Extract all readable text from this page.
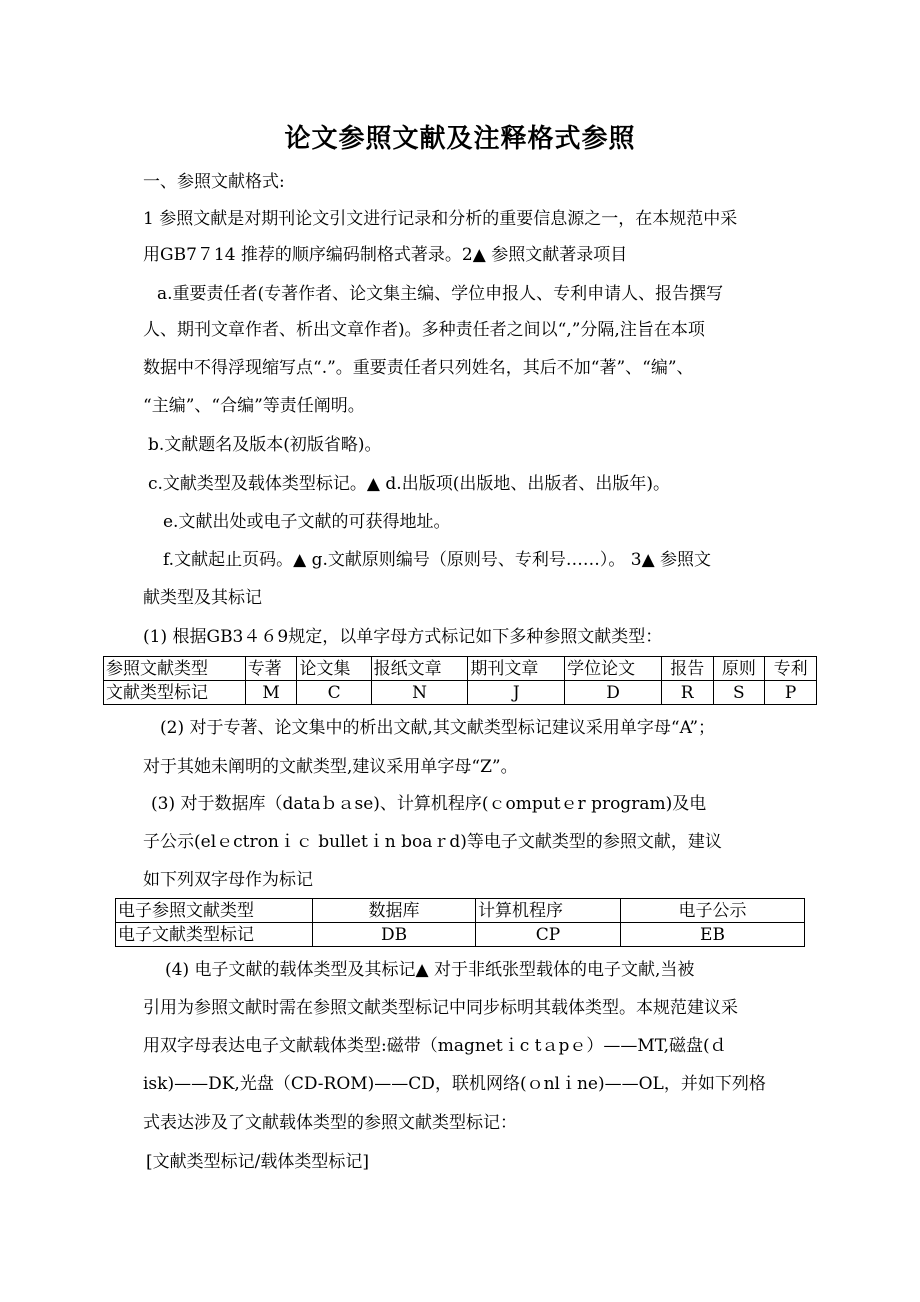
论文参照文献及注释格式参照
一、参照文献格式:
1 参照文献是对期刊论文引文进行记录和分析的重要信息源之一，在本规范中采
用GB7７14 推荐的顺序编码制格式著录。2▲ 参照文献著录项目
a.重要责任者(专著作者、论文集主编、学位申报人、专利申请人、报告撰写
人、期刊文章作者、析出文章作者)。多种责任者之间以“,”分隔,注旨在本项
数据中不得浮现缩写点“.”。重要责任者只列姓名，其后不加“著”、“编”、
“主编”、“合编”等责任阐明。
b.文献题名及版本(初版省略)。
c.文献类型及载体类型标记。▲ d.出版项(出版地、出版者、出版年)。
e.文献出处或电子文献的可获得地址。
f.文献起止页码。▲ g.文献原则编号（原则号、专利号……）。 3▲ 参照文
献类型及其标记
(1) 根据GB3４６9规定，以单字母方式标记如下多种参照文献类型：
参照文献类型	专著	论文集	报纸文章	期刊文章	学位论文	报告	原则	专利
文献类型标记	M	C	N	J	D	R	S	P
(2) 对于专著、论文集中的析出文献,其文献类型标记建议采用单字母“A”；
对于其她未阐明的文献类型,建议采用单字母“Z”。
(3) 对于数据库（dataｂａse)、计算机程序(ｃomputｅr program)及电
子公示(elｅctronｉｃ bulletｉn boaｒd)等电子文献类型的参照文献，建议
如下列双字母作为标记
电子参照文献类型	数据库	计算机程序	电子公示
电子文献类型标记	DB	CP	EB
(4) 电子文献的载体类型及其标记▲ 对于非纸张型载体的电子文献,当被
引用为参照文献时需在参照文献类型标记中同步标明其载体类型。本规范建议采
用双字母表达电子文献载体类型:磁带（magnetｉc tａpｅ）——MT,磁盘(ｄ
isk)——DK,光盘（CD-ROM)——CD，联机网络(ｏnlｉne)——OL，并如下列格
式表达涉及了文献载体类型的参照文献类型标记：
[文献类型标记/载体类型标记]
